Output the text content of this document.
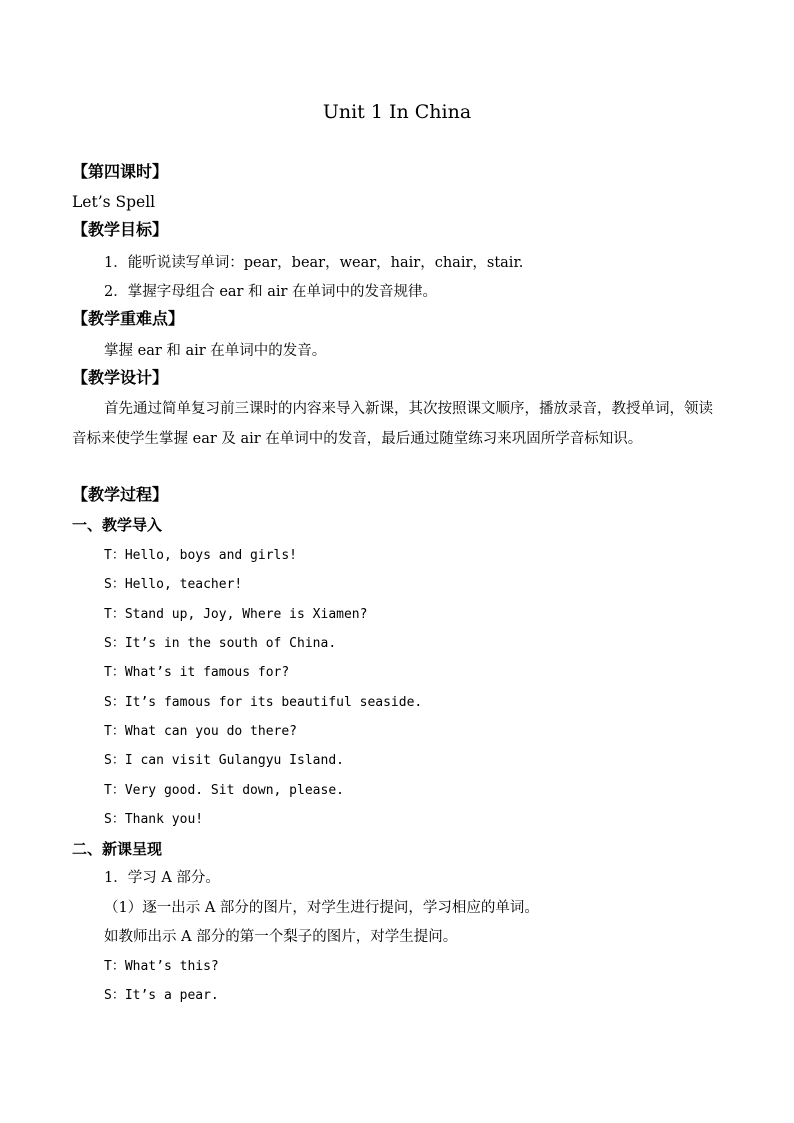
Unit 1 In China
【第四课时】
Let’s Spell
【教学目标】
1．能听说读写单词：pear，bear，wear，hair，chair，stair.
2．掌握字母组合 ear 和 air 在单词中的发音规律。
【教学重难点】
掌握 ear 和 air 在单词中的发音。
【教学设计】
首先通过简单复习前三课时的内容来导入新课，其次按照课文顺序，播放录音，教授单词，领读音标来使学生掌握 ear 及 air 在单词中的发音，最后通过随堂练习来巩固所学音标知识。
【教学过程】
一、教学导入
T：Hello, boys and girls!
S：Hello, teacher!
T：Stand up, Joy, Where is Xiamen?
S：It’s in the south of China.
T：What’s it famous for?
S：It’s famous for its beautiful seaside.
T：What can you do there?
S：I can visit Gulangyu Island.
T：Very good. Sit down, please.
S：Thank you!
二、新课呈现
1．学习 A 部分。
（1）逐一出示 A 部分的图片，对学生进行提问，学习相应的单词。
如教师出示 A 部分的第一个梨子的图片，对学生提问。
T：What’s this?
S：It’s a pear.
